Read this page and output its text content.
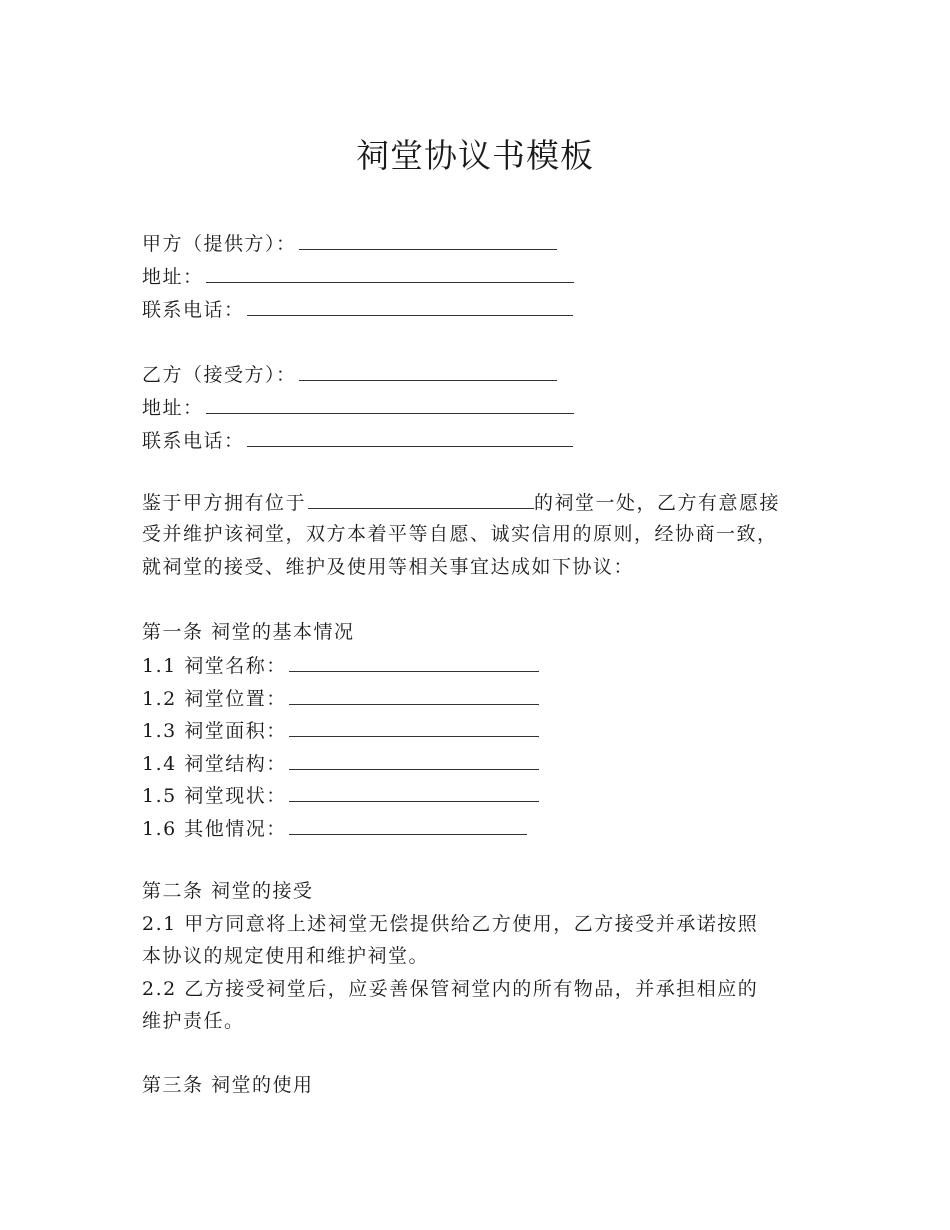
祠堂协议书模板
甲方（提供方）：
地址：
联系电话：
乙方（接受方）：
地址：
联系电话：
鉴于甲方拥有位于	的祠堂一处，乙方有意愿接
受并维护该祠堂，双方本着平等自愿、诚实信用的原则，经协商一致，
就祠堂的接受、维护及使用等相关事宜达成如下协议：
第一条 祠堂的基本情况
1.1 祠堂名称：
1.2 祠堂位置：
1.3 祠堂面积：
1.4 祠堂结构：
1.5 祠堂现状：
1.6 其他情况：
第二条 祠堂的接受
2.1 甲方同意将上述祠堂无偿提供给乙方使用，乙方接受并承诺按照
本协议的规定使用和维护祠堂。
2.2 乙方接受祠堂后，应妥善保管祠堂内的所有物品，并承担相应的
维护责任。
第三条 祠堂的使用
